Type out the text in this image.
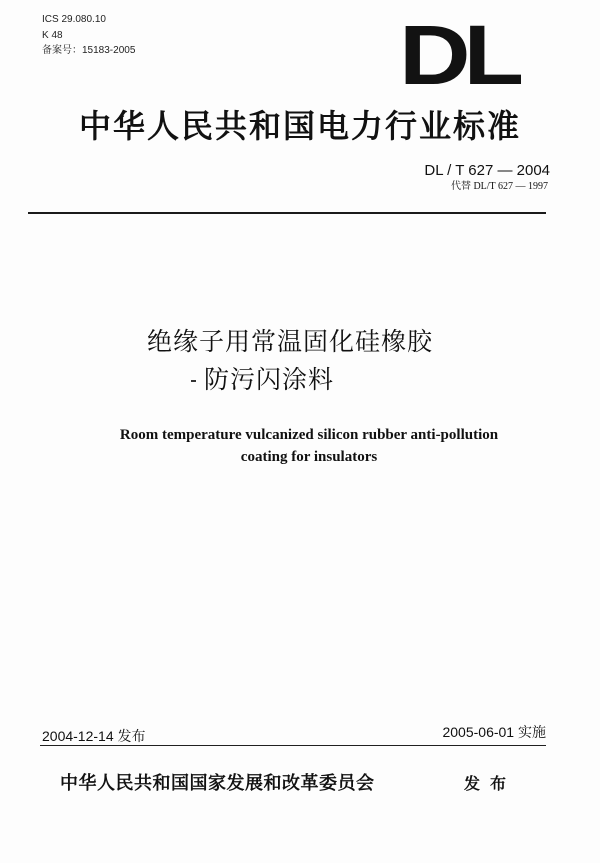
ICS 29.080.10
K 48
备案号：15183-2005	DL
中华人民共和国电力行业标准
DL / T 627 — 2004
代替 DL/T 627 — 1997
绝缘子用常温固化硅橡胶
防污闪涂料
Room temperature vulcanized silicon rubber anti-pollution
coating for insulators
2004-12-14 发布	2005-06-01 实施
中华人民共和国国家发展和改革委员会	发布
